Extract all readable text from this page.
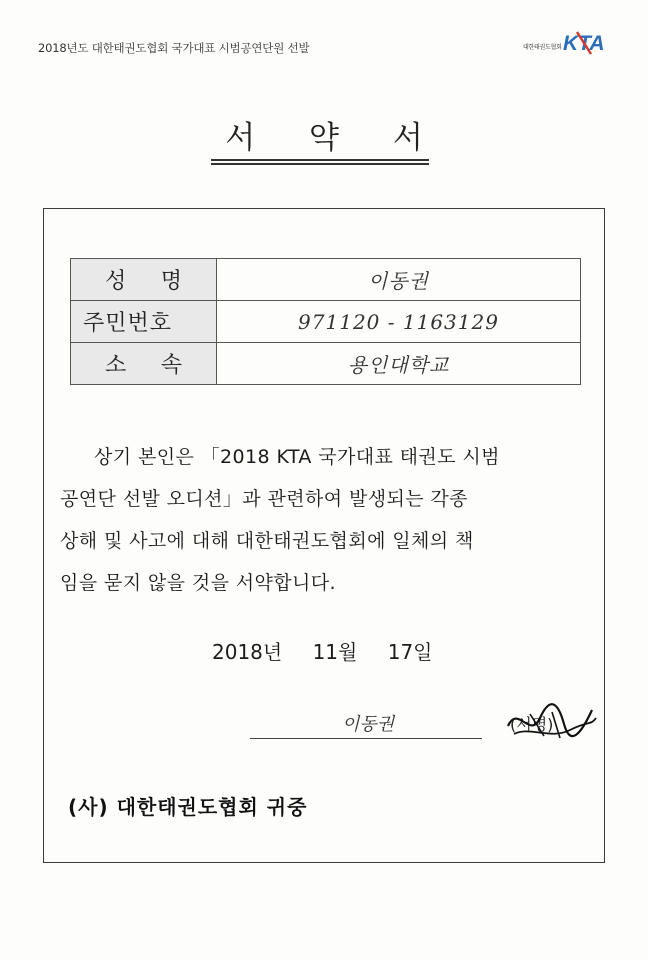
2018년도 대한태권도협회 국가대표 시범공연단원 선발	대한태권도협회 KTA
서 약 서
성 명	이동권

주민번호	971120 - 1163129

소 속	용인대학교
상기 본인은 「2018 KTA 국가대표 태권도 시범
공연단 선발 오디션」과 관련하여 발생되는 각종
상해 및 사고에 대해 대한태권도협회에 일체의 책
임을 묻지 않을 것을 서약합니다.
2018년 11월 17일
이동권	(서명)
(사) 대한태권도협회 귀중
